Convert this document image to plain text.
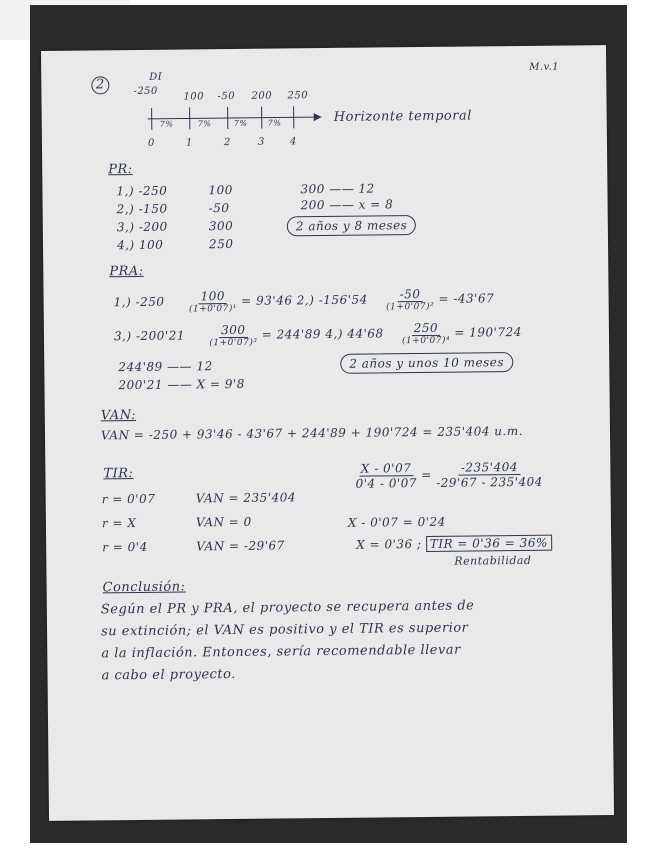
M.v.1
2
DI
-250	100 -50 200 250
7%	7%	7%	7%	Horizonte temporal
0	1	2	3	4
PR:
1,) -250	100
2,) -150	-50
3,) -200	300
4,) 100	250
300 —— 12
200 —— x = 8
2 años y 8 meses
PRA:
1,) $-250 \frac{100}{\text{(1+0'07)¹}} = 93'46$ 2,) $-156'54 \frac{-50}{\text{(1+0'07)²}} = -43'67$
3,) $-200'21 \frac{300}{\text{(1+0'07)³}} = 244'89$ 4,) $44'68 \frac{250}{\text{(1+0'07)⁴}} = 190'724$
244'89 —— 12
200'21 —— X = 9'8
2 años y unos 10 meses
VAN:
VAN = -250 + 93'46 - 43'67 + 244'89 + 190'724 = 235'404 u.m.
TIR:
r = 0'07	VAN = 235'404
r = X	VAN = 0
r = 0'4	VAN = -29'67
$\frac{X - 0'07}{0'4 - 0'07} = \frac{-235'404}{-29'67 - 235'404}$
X - 0'07 = 0'24
X = 0'36 ; TIR = 0'36 = 36%
Rentabilidad
Conclusión:
Según el PR y PRA, el proyecto se recupera antes de
su extinción; el VAN es positivo y el TIR es superior
a la inflación. Entonces, sería recomendable llevar
a cabo el proyecto.
